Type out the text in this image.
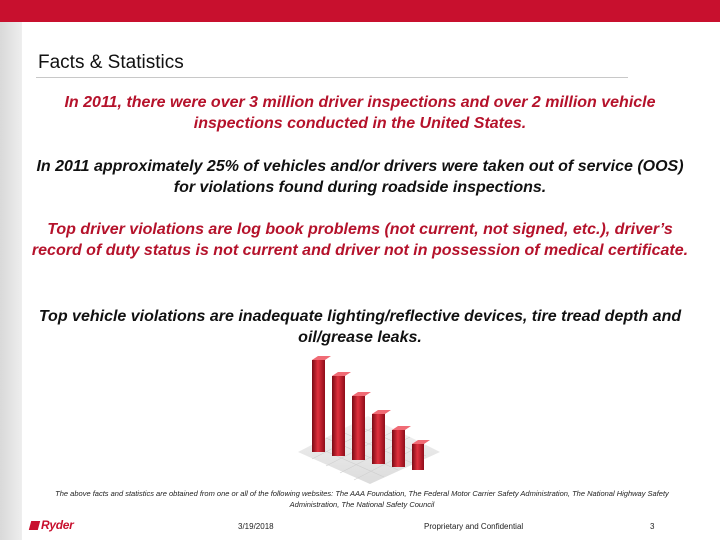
Facts & Statistics

In 2011, there were over 3 million driver inspections and over 2 million vehicle inspections conducted in the United States.

In 2011 approximately 25% of vehicles and/or drivers were taken out of service (OOS) for violations found during roadside inspections.

Top driver violations are log book problems (not current, not signed, etc.), driver’s record of duty status is not current and driver not in possession of medical certificate.

Top vehicle violations are inadequate lighting/reflective devices, tire tread depth and oil/grease leaks.

The above facts and statistics are obtained from one or all of the following websites: The AAA Foundation, The Federal Motor Carrier Safety Administration, The National Highway Safety Administration, The National Safety Council

Ryder	3/19/2018	Proprietary and Confidential	3
